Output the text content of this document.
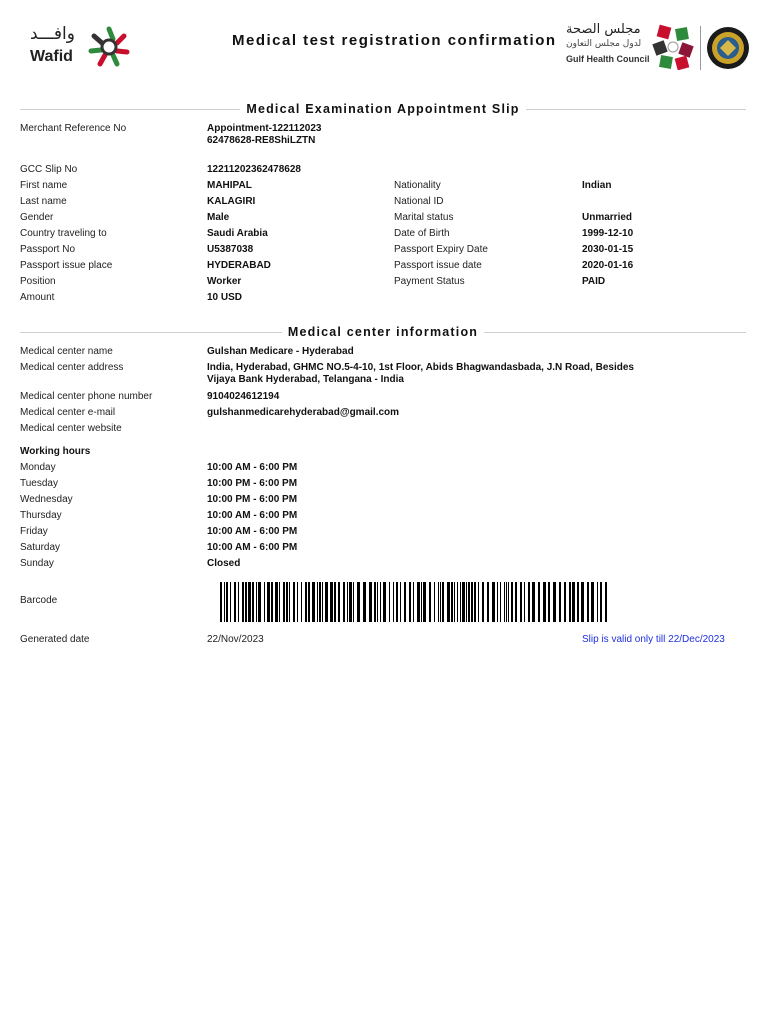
وافـــد
Wafid
Medical test registration confirmation
مجلس الصحة
لدول مجلس التعاون
Gulf Health Council
Medical Examination Appointment Slip
Merchant Reference No	Appointment-12211202362478628-RE8ShiLZTN
GCC Slip No	12211202362478628
First name	MAHIPAL	Nationality	Indian
Last name	KALAGIRI	National ID
Gender	Male	Marital status	Unmarried
Country traveling to	Saudi Arabia	Date of Birth	1999-12-10
Passport No	U5387038	Passport Expiry Date	2030-01-15
Passport issue place	HYDERABAD	Passport issue date	2020-01-16
Position	Worker	Payment Status	PAID
Amount	10 USD
Medical center information
Medical center name	Gulshan Medicare - Hyderabad
Medical center address	India, Hyderabad, GHMC NO.5-4-10, 1st Floor, Abids Bhagwandasbada, J.N Road, Besides Vijaya Bank Hyderabad, Telangana - India
Medical center phone number	9104024612194
Medical center e-mail	gulshanmedicarehyderabad@gmail.com
Medical center website
Working hours
Monday	10:00 AM - 6:00 PM
Tuesday	10:00 PM - 6:00 PM
Wednesday	10:00 PM - 6:00 PM
Thursday	10:00 AM - 6:00 PM
Friday	10:00 AM - 6:00 PM
Saturday	10:00 AM - 6:00 PM
Sunday	Closed
Barcode
Generated date	22/Nov/2023	Slip is valid only till 22/Dec/2023
